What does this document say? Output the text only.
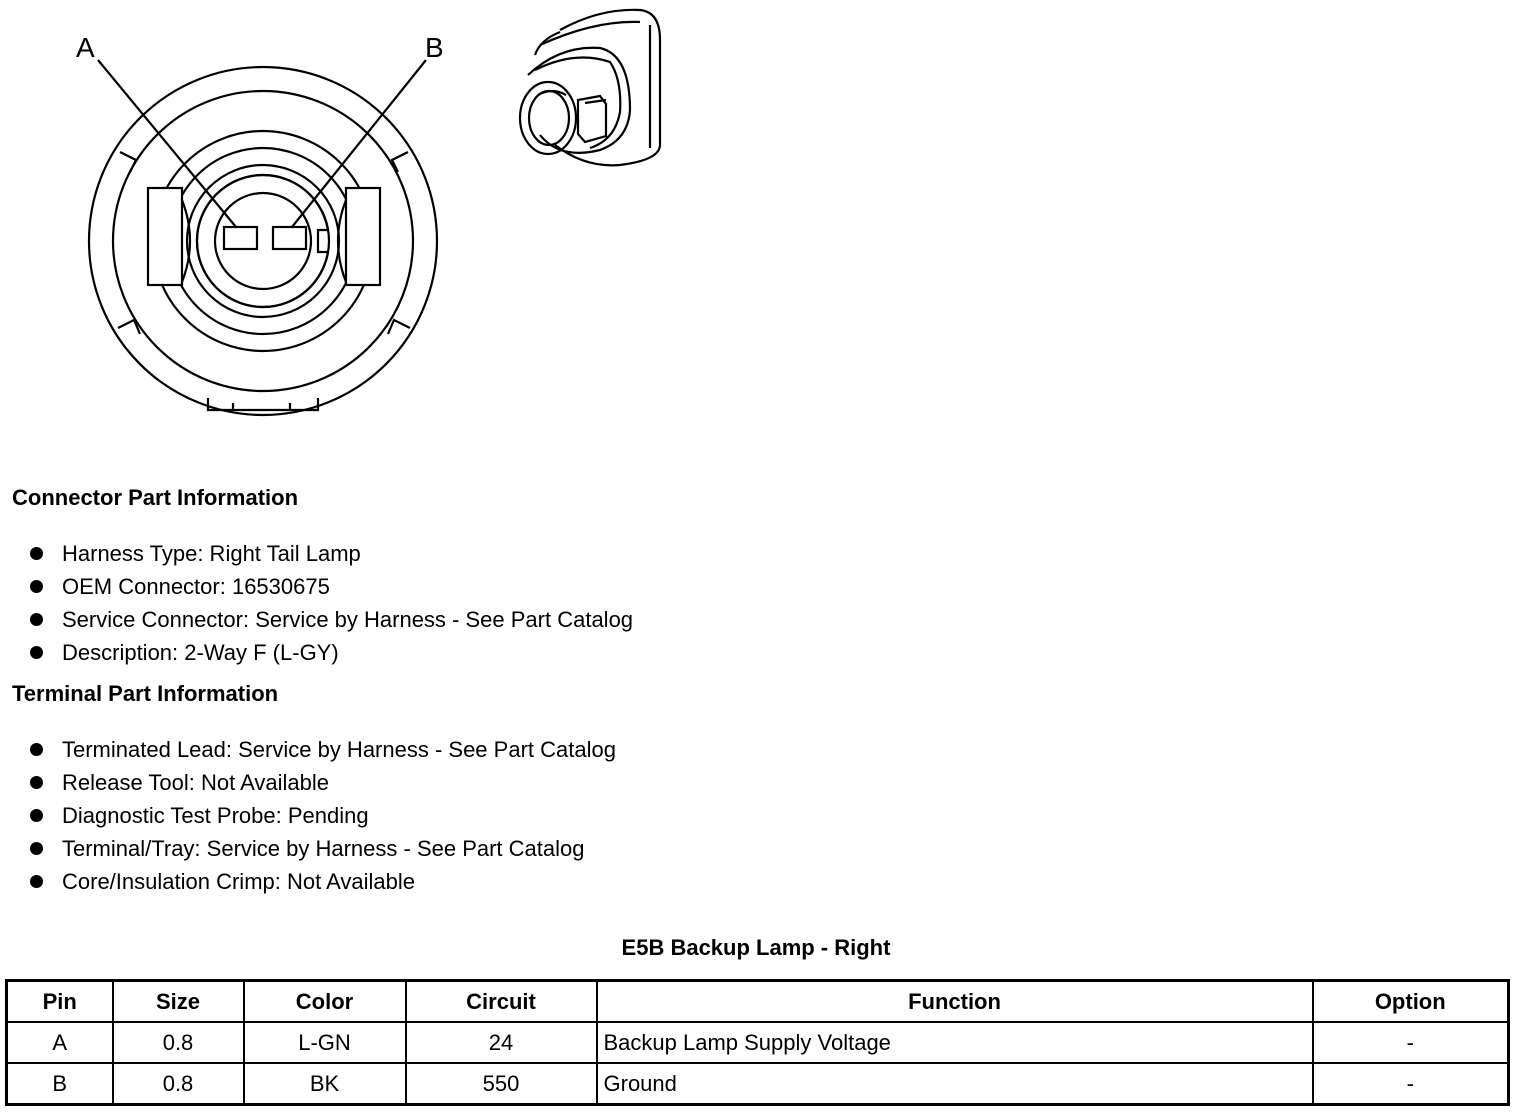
A	B
Connector Part Information
Harness Type: Right Tail Lamp
OEM Connector: 16530675
Service Connector: Service by Harness - See Part Catalog
Description: 2-Way F (L-GY)
Terminal Part Information
Terminated Lead: Service by Harness - See Part Catalog
Release Tool: Not Available
Diagnostic Test Probe: Pending
Terminal/Tray: Service by Harness - See Part Catalog
Core/Insulation Crimp: Not Available
E5B Backup Lamp - Right
Pin	Size	Color	Circuit	Function	Option
A	0.8	L-GN	24	Backup Lamp Supply Voltage	-
B	0.8	BK	550	Ground	-
